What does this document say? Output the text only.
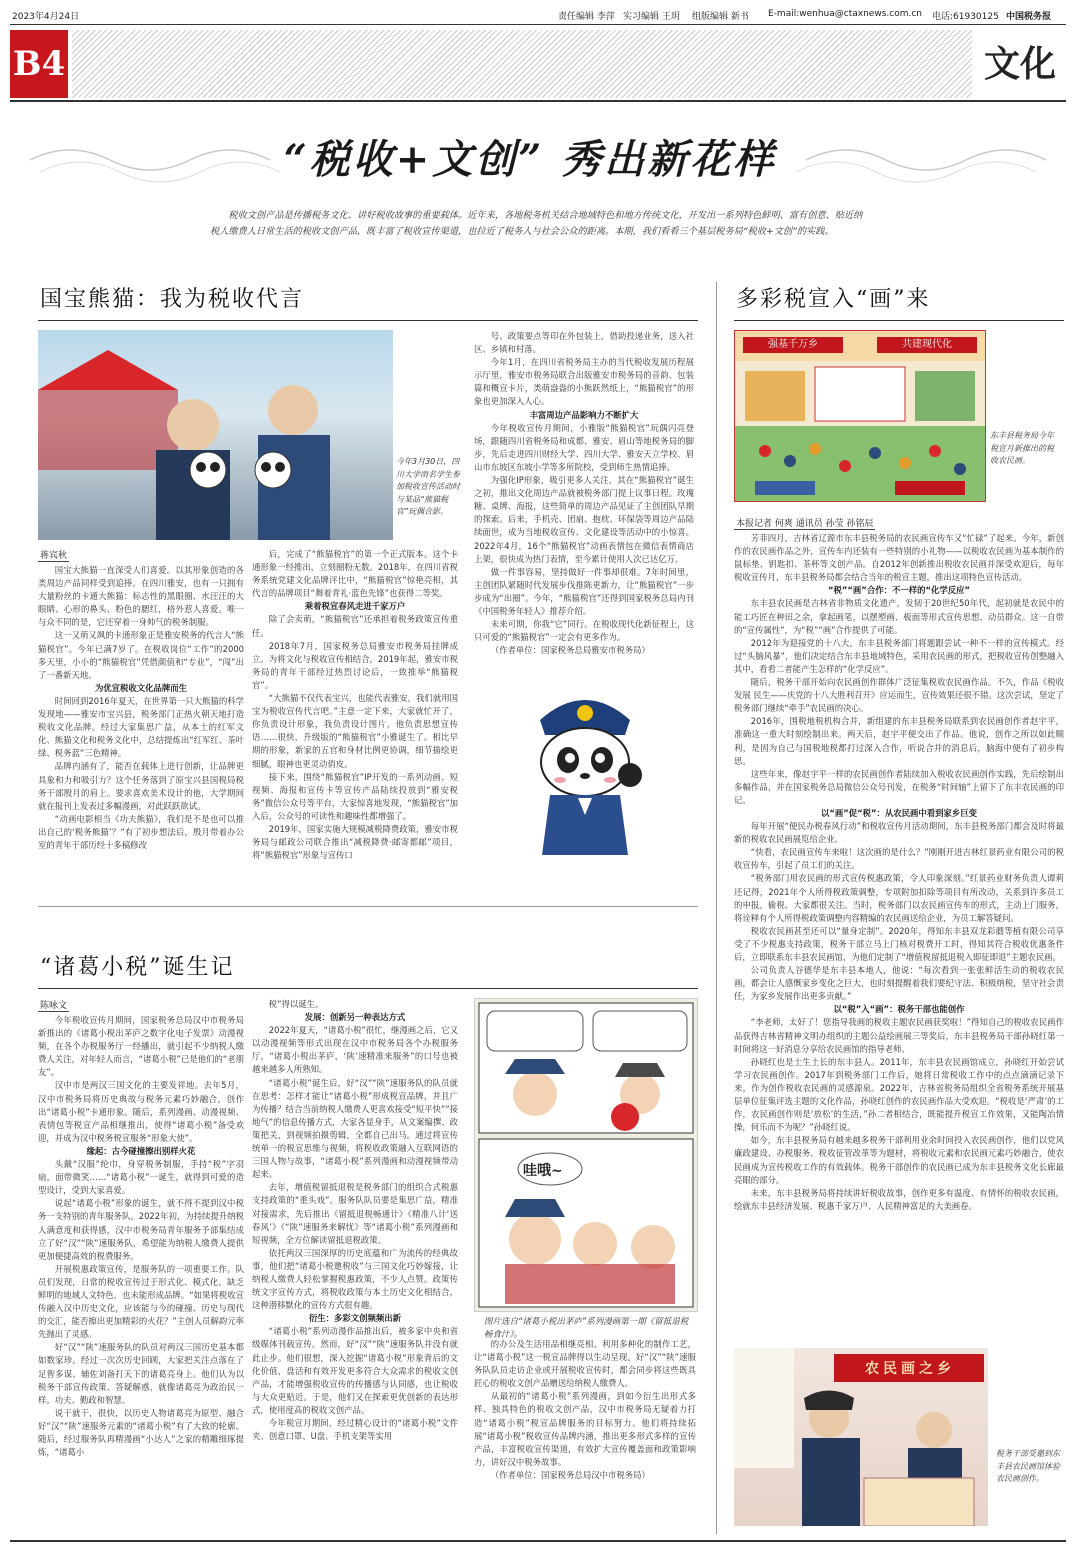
2023年4月24日	责任编辑 李萍 实习编辑 王玥 组版编辑 新书 E-mail:wenhua@ctaxnews.com.cn 电话:61930125 中国税务报
B4	文化
“税收+文创” 秀出新花样
税收文创产品是传播税务文化、讲好税收故事的重要载体。近年来，各地税务机关结合地域特色和地方传统文化，开发出一系列特色鲜明、富有创意、贴近纳税人缴费人日常生活的税收文创产品，既丰富了税收宣传渠道，也拉近了税务人与社会公众的距离。本期，我们看看三个基层税务局“税收+文创”的实践。
国宝熊猫：我为税收代言
今年3月30日，四川大学雨名学生参加税收宣传活动时与某品“熊猫税官”玩偶合影。
蒋宾秋

国宝大熊猫一直深受人们喜爱。以其形象创造的各类周边产品同样受到追捧。在四川雅安，也有一只拥有大量粉丝的卡通大熊猫：标志性的黑眼圈、水汪汪的大眼睛、心形的鼻头、粉色的腮红，格外惹人喜爱。唯一与众不同的是，它还穿着一身帅气的税务制服。

这一又萌又飒的卡通形象正是雅安税务的代言人“熊猫税官”。今年已满7岁了。在税收岗位“工作”的2000多天里，小小的“熊猫税官”凭借颜值和“专业”，“闯”出了一番新天地。

为优宣税收文化品牌而生

时间回到2016年夏天，在世界第一只大熊猫的科学发现地——雅安市宝兴县，税务部门正热火朝天地打造税收文化品牌。经过大家集思广益，从本土的红军文化、熊猫文化和税务文化中，总结提炼出“红军红、茶叶绿、税务蓝”三色精神。

品牌内涵有了，能否在载体上进行创新，让品牌更具象和力和吸引力？这个任务落到了原宝兴县国税局税务干部殷月的肩上。要求喜欢美术设计的他，大学期间就在报刊上发表过多幅漫画，对此跃跃欲试。

“动画电影相当《功夫熊猫》，我们是不是也可以推出自己的‘税务熊猫’？”有了初步想法后，殷月带着办公室的青年干部历经十多稿修改

后，完成了“熊猫税官”的第一个正式版本。这个卡通形象一经推出，立刻圈粉无数。2018年，在四川省税务系统党建文化品牌评比中，“熊猫税官”惊艳亮相，其代言的品牌项目“舞着青礼·蓝色先锋”也获得二等奖。

乘着税宣春风走进千家万户

除了会卖萌，“熊猫税官”还承担着税务政策宣传重任。

2018年7月，国家税务总局雅安市税务局挂牌成立。为将文化与税收宣传相结合，2019年起，雅安市税务局的青年干部经过热烈讨论后，一致推举“熊猫税官”。

“大熊猫不仅代表宝兴，也能代表雅安，我们就用国宝为税收宣传代言吧。”主意一定下来，大家就忙开了，你负责设计形象，我负责设计图片，他负责思想宣传语……很快，升级版的“熊猫税官”小雅诞生了。相比早期的形象，新家的五官和身材比例更协调，细节描绘更细腻，眼神也更灵动俏皮。

接下来，围绕“熊猫税官”IP开发的一系列动画、短视频、海报和宣传卡等宣传产品陆续投放到“雅安税务”微信公众号等平台，大家惊喜地发现，“熊猫税官”加入后，公众号的可读性和趣味性都增强了。

2019年，国家实施大规模减税降费政策，雅安市税务局与邮政公司联合推出“减税降费·邮寄都邮”项目，将“熊猫税官”形象与宣传口

号、政策要点等印在外包装上，借助投递业务，送入社区、乡镇和村落。

今年1月，在四川省税务局主办的当代税收发展历程展示厅里，雅安市税务局联合出版雅安市税务局的音韵、包装篇和概宣卡片，类萌盎盎的小熊跃然纸上，“熊猫税官”的形象也更加深入人心。

丰富周边产品影响力不断扩大

今年税收宣传月期间，小雅版“熊猫税官”玩偶闪亮登场，跟随四川省税务局和成都、雅安、眉山等地税务局的脚步，先后走进四川财经大学、四川大学、雅安天立学校、眉山市东坡区东坡小学等多所院校，受到师生热情追捧。

为强化IP形象，吸引更多人关注，其在“熊猫税官”诞生之初，推出文化周边产品就被税务部门提上议事日程。玫瑰糖、桌牌、海报，这些简单的周边产品见证了主创团队早期的探索。后来，手机壳、团扇、抱枕、环保袋等周边产品陆续面世，成为当地税收宣传、文化建设等活动中的小惊喜。2022年4月，16个“熊猫税官”动画表情包在微信表情商店上架，很快成为热门表情，至今累计使用人次已达亿万。

做一件事容易，坚持做好一件事却很难。7年时间里，主创团队紧随时代发展步伐推陈更新力，让“熊猫税官”一步步成为“出圈”。今年，“熊猫税官”还得到国家税务总局内刊《中国税务年轻人》推荐介绍。

未来可期，你我“它”同行。在税收现代化新征程上，这只可爱的“熊猫税官”一定会有更多作为。

（作者单位：国家税务总局雅安市税务局）

“诸葛小税”诞生记
陈咏文

今年税收宣传月期间，国家税务总局汉中市税务局新推出的《诸葛小税出茅庐之数字化电子发票》动漫视频，在各个办税服务厅一经播出，就引起不少纳税人缴费人关注，对年轻人而言，“诸葛小税”已是他们的“老朋友”。

汉中市是两汉三国文化的主要发祥地。去年5月，汉中市税务局将历史典故与税务元素巧妙融合，创作出“诸葛小税”卡通形象。随后，系列漫画、动漫视频、表情包等税宣产品相继推出，使得“诸葛小税”备受欢迎，并成为汉中税务税宣服务“形象大使”。

缘起：古今碰撞擦出别样火花

头戴“汉服”纶巾，身穿税务制服，手持“税”字羽扇，面带微笑……“诸葛小税”一诞生，就得到可爱的造型设计，受到大家喜爱。

说起“诸葛小税”形象的诞生，就不得不提到汉中税务一支特别的青年服务队。2022年初，为持续提升纳税人满意度和获得感，汉中市税务局青年服务予部集结成立了好“汉”“陕”速服务队，希望能为纳税人缴费人提供更加便捷高效的税费服务。

开展税惠政策宣传，是服务队的一项重要工作。队员们发现，日常的税收宣传过于形式化、模式化，缺乏鲜明的地域人文特色，也未能形成品牌。“如果将税收宣传融入汉中历史文化，应该能与今的碰撞、历史与现代的交汇，能否擦出更加精彩的火花？”主创人员解韵元率先抛出了灵感。

好“汉”“陕”速服务队的队员对两汉三国历史基本都如数家珍。经过一次次历史回顾，大家把关注点落在了足智多谋、辅佐刘备打天下的诸葛亮身上。他们认为以税务干部宣传政策、答疑解惑，就像诸葛亮为政治民一样。功夫、勤政和智慧。

说干就干，很快，以历史人物诸葛亮为原型、融合好“汉”“陕”速服务元素的“诸葛小税”有了大致的轮廓。随后，经过服务队再精漫画“小达人”之家的精雕细琢提炼，“诸葛小

税”得以诞生。

发展：创新另一种表达方式

2022年夏天，“诸葛小税”很忙，继漫画之后，它又以动漫视频等形式出现在汉中市税务局各个办税服务厅，“诸葛小税出茅庐，‘陕’速精准来服务”的口号也被越来越多人所熟知。

“诸葛小税”诞生后，好“汉”“陕”速服务队的队员就在思考：怎样才能让“诸葛小税”形成税宣品牌，并且广为传播？结合当前纳税人缴费人更喜欢接受“短平快”“接地气”的信息传播方式，大家各显身手，从文案编撰、政策把关，到视频拍摄剪辑，全都自己出马。通过将宣传统单一的税宣思维与视频，将税收政策融入互联网语的三国人物与故事，“诸葛小税”系列漫画和动漫视频带动起来。

去年，增值税留抵退税是税务部门的组织合式税惠支持政策的“重头戏”。服务队队员要是集思广益，精准对接需求，先后推出《留抵退税畅通计》《精准八计‘送春风’》《“陕”速服务来解忧》等“诸葛小税”系列漫画和短视频，全方位解读留抵退税政策。

依托两汉三国深厚的历史底蕴和广为流传的经典故事，他们把“诸葛小税邀税收”与三国文化巧妙嫁接，让纳税人缴费人轻松掌握税惠政策，不少人点赞。政策传统文字宣传方式，将税收政策与本土历史文化相结合，这种潜移默化的宣传方式很有趣。

衍生：多彩文创频频出新

“诸葛小税”系列动漫作品推出后，被多家中央和省级媒体刊载宣传。然而，好“汉”“陕”速服务队并没有就此止步。他们很想，深入挖掘“诸葛小税”形象背后的文化价值，盘活和有效开发更多符合大众需求的税收文创产品，才能增强税收宣传的传播感与认同感，也让税收与大众更贴近。于是，他们又在探索更优创新的表达形式，使用度高的税收文创产品。

今年税宣月期间，经过精心设计的“诸葛小税”文件夹、创意口罩、U盘、手机支架等实用

哇哦~
图片选自“诸葛小税出茅庐”系列漫画第一期《留抵退税畅食汁》。

的办公及生活用品相继亮相。利用多种化的制作工艺，让“诸葛小税”这一税宣品牌得以生动呈现。好“汉”“陕”速服务队队员走访企业或开展税收宣传时，都会同步将这些既具匠心的税收文创产品赠送给纳税人缴费人。

从最初的“诸葛小税”系列漫画，到如今衍生出形式多样、独具特色的税收文创产品，汉中市税务局无疑着力打造“诸葛小税”税宣品牌服务的目标努力。他们将持续拓展“诸葛小税”税收宣传品牌内涵，推出更多形式多样的宣传产品，丰富税收宣传渠道，有效扩大宣传覆盖面和政策影响力，讲好汉中税务故事。

（作者单位：国家税务总局汉中市税务局）

多彩税宣入“画”来
强基千万乡	共建现代化
东丰县税务局今年税宣月新推出的税收农民画。
本报记者 何爽 通讯员 孙莹 孙铭辰

芳菲四月，吉林省辽源市东丰县税务局的农民画宣传车又“忙碌”了起来。今年，新创作的农民画作品之外，宣传车内还装有一些特别的小礼物——以税收农民画为基本制作的鼠标垫、钥匙扣、茶杯等文创产品。自2012年创新推出税收农民画并深受欢迎后，每年税收宣传月，东丰县税务局都会结合当年的税宣主题，推出这项特色宣传活动。

“税”“画”合作：不一样的“化学反应”

东丰县农民画是吉林省非物质文化遗产，发韧于20世纪50年代，起初就是农民中的能工巧匠在种田之余，拿起画笔，以摆塑画、板面等形式宣传思想、动员群众。这一自带的“宣传属性”，为“税”“画”合作提供了可能。

2012年为迎接党的十八大，东丰县税务部门将题跟尝试一种不一样的宣传模式。经过“头脑风暴”，他们决定结合东丰县地域特色，采用农民画的形式，把税收宣传创整融入其中，看看二者能产生怎样的“化学反应”。

随后，税务干部开始向农民画创作群体广泛征集税收农民画作品。不久，作品《税收 发展 民生——庆党的十八大胜利召开》应运而生，宣传效果还很不错。这次尝试，坚定了税务部门继续“牵手”农民画的决心。

2016年，围税地税机构合并，新组建的东丰县税务局联系到农民画创作者赵宇平，准确这一重大时刻绘制出来。两天后，赵宇平便交出了作品。他说，创作之所以如此顺利，是因为自己与国税地税都打过深入合作，听说合并的消息后，脑海中便有了初步构思。

这些年来，像赵宇平一样的农民画创作者陆续加入税收农民画创作实践，先后绘制出多幅作品，并在国家税务总局微信公众号刊发，在税务“时间轴”上留下了东丰农民画的印记。

以“画”促“税”：从农民画中看到家乡巨变

每年开展“便民办税春风行动”和税收宣传月活动期间，东丰县税务部门都会及时将最新的税收农民画展览给企业。

“快看，农民画宣传车来啦！这次画的是什么？”刚刚开进吉林红景药业有限公司的税收宣传车，引起了员工们的关注。

“税务部门用农民画的形式宣传税惠政策，令人印象深刻。”红景药业财务负责人谭莉还记得，2021年个人所得税政策调整，专项附加扣除等项目有所改动，关系到许多员工的申报。偷税、大家都很关注。当时，税务部门以农民画宣传车的形式，主动上门服务，将诠释有个人所得税政策调整内容精编的农民画送给企业，为员工解答疑问。

税收农民画甚至还可以“量身定制”。2020年，得知东丰县双龙彩蘑等植有限公司享受了不少税惠支持政策，税务干部立马上门核对税费开工时，得知其符合税收优惠条件后，立即联系东丰县农民画馆，为他们定制了“增值税留抵退税入即征即退”主题农民画。

公司负责人谷德华是东丰县本地人，他说：“每次看到一张张鲜活生动的税收农民画，都会让人感慨家乡变化之巨大，也时刻提醒着我们要纪守法、积极纳税，坚守社会责任，为家乡发展作出更多贡献。”

以“税”入“画”：税务干部也能创作

“李老师，太好了！您指导我画的税收主题农民画获奖啦！”得知自己的税收农民画作品获得吉林省精神文明办组织的主题公益绘画展三等奖后，东丰县税务局干部孙晓红第一时间将这一好消息分享给农民画馆的指导老师。

孙晓红也是土生土长的东丰县人。2011年，东丰县农民画馆成立，孙晓红开始尝试学习农民画创作。2017年到税务部门工作后，她将日常税收工作中的点点滴滴记录下来，作为创作税收农民画的灵感源泉。2022年，吉林省税务局组织全省税务系统开展基层单位征集评选主题的文化作品，孙晓红创作的农民画作品大受欢迎。“税收是‘严肃’的工作，农民画创作则是‘放松’的生活，”孙二者相结合，既能提升税宣工作效果，又能陶冶情操，何乐而不为呢？”孙晓红说。

如今，东丰县税务局有越来越多税务干部利用业余时间投入农民画创作，他们以党风廉政建设、办税服务、税收征管改革等为题材，将税收元素和农民画元素巧妙融合，使农民画成为宣传税收工作的有效载体。税务干部创作的农民画已成为东丰县税务文化长廊最亮眼的部分。

未来，东丰县税务局将持续讲好税收故事，创作更多有温度、有情怀的税收农民画，绘就东丰县经济发展、税惠千家万户、人民精神富足的大美画卷。

农民画之乡
税务干部受邀到东丰县农民画馆体验农民画创作。
